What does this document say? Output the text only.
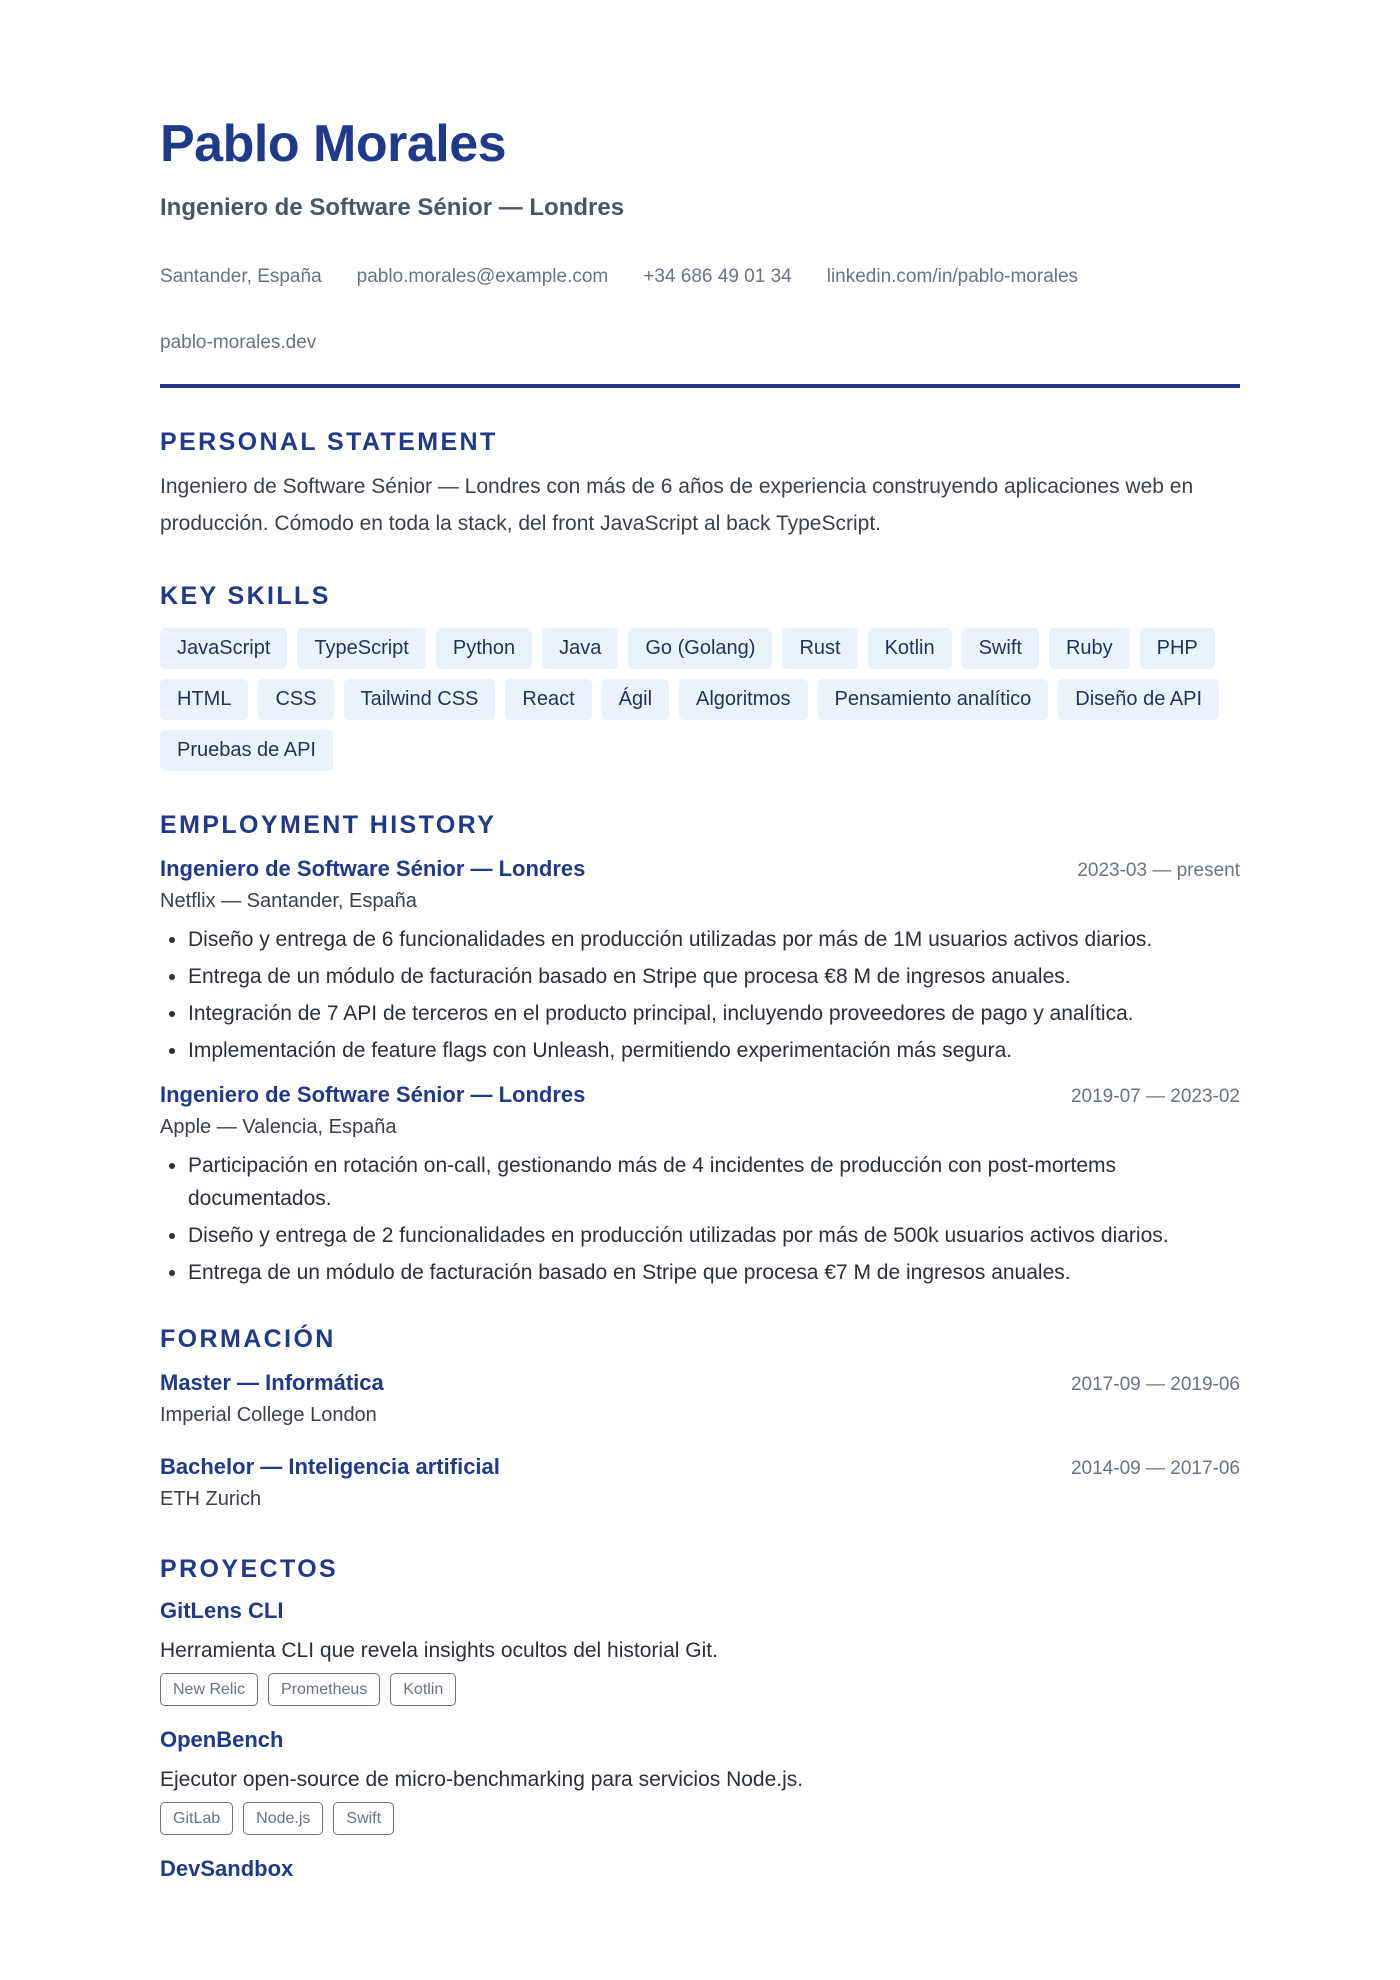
Pablo Morales
Ingeniero de Software Sénior — Londres
Santander, España pablo.morales@example.com +34 686 49 01 34 linkedin.com/in/pablo-morales
pablo-morales.dev
PERSONAL STATEMENT
Ingeniero de Software Sénior — Londres con más de 6 años de experiencia construyendo aplicaciones web en producción. Cómodo en toda la stack, del front JavaScript al back TypeScript.
KEY SKILLS
JavaScript	TypeScript	Python	Java	Go (Golang)	Rust	Kotlin	Swift	Ruby	PHP
HTML	CSS	Tailwind CSS	React	Ágil	Algoritmos	Pensamiento analítico	Diseño de API
Pruebas de API
EMPLOYMENT HISTORY
Ingeniero de Software Sénior — Londres	2023-03 — present
Netflix — Santander, España
• Diseño y entrega de 6 funcionalidades en producción utilizadas por más de 1M usuarios activos diarios.
• Entrega de un módulo de facturación basado en Stripe que procesa €8 M de ingresos anuales.
• Integración de 7 API de terceros en el producto principal, incluyendo proveedores de pago y analítica.
• Implementación de feature flags con Unleash, permitiendo experimentación más segura.
Ingeniero de Software Sénior — Londres	2019-07 — 2023-02
Apple — Valencia, España
• Participación en rotación on-call, gestionando más de 4 incidentes de producción con post-mortems documentados.
• Diseño y entrega de 2 funcionalidades en producción utilizadas por más de 500k usuarios activos diarios.
• Entrega de un módulo de facturación basado en Stripe que procesa €7 M de ingresos anuales.
FORMACIÓN
Master — Informática	2017-09 — 2019-06
Imperial College London
Bachelor — Inteligencia artificial	2014-09 — 2017-06
ETH Zurich
PROYECTOS
GitLens CLI
Herramienta CLI que revela insights ocultos del historial Git.
New Relic	Prometheus	Kotlin
OpenBench
Ejecutor open-source de micro-benchmarking para servicios Node.js.
GitLab	Node.js	Swift
DevSandbox
